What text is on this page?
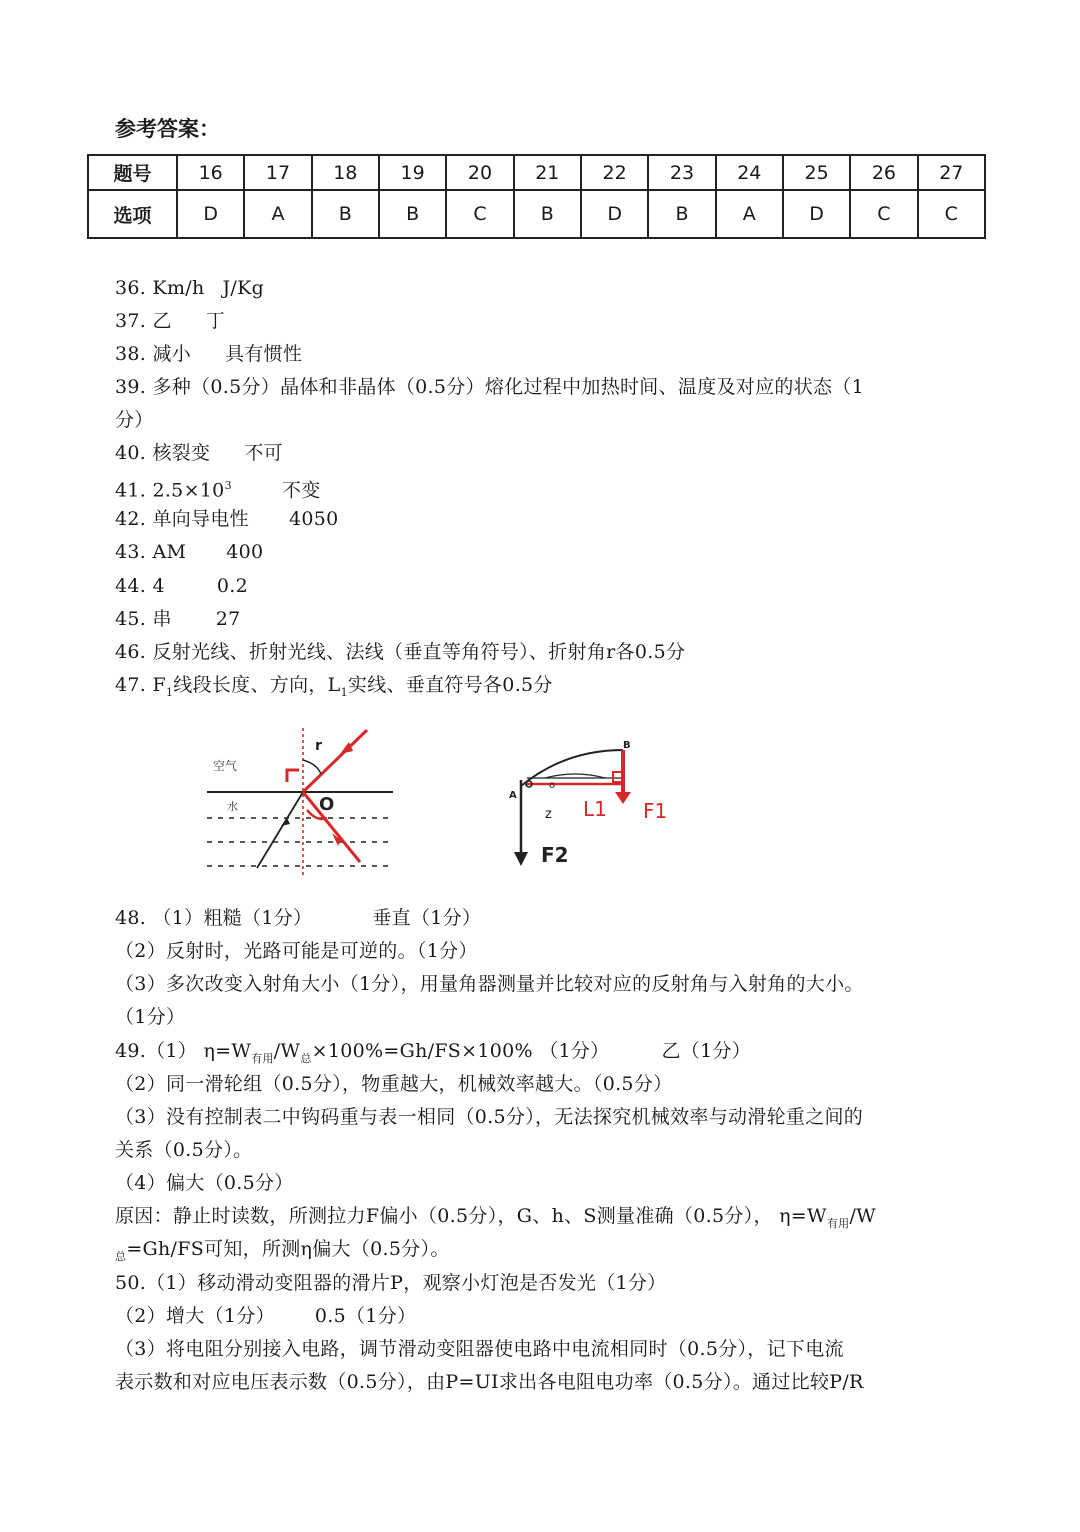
参考答案：
题号	16	17	18	19	20	21	22	23	24	25	26	27
选项	D	A	B	B	C	B	D	B	A	D	C	C
36. Km/h J/Kg
37. 乙 丁
38. 减小 具有惯性
39. 多种（0.5分）晶体和非晶体（0.5分）熔化过程中加热时间、温度及对应的状态（1
分）
40. 核裂变 不可
41. $2.5\times 10^3$	不变
42. 单向导电性 4050
43. AM 400
44. 4	0.2
45. 串 27
46. 反射光线、折射光线、法线（垂直等角符号）、折射角r各0.5分
47. $F_1$线段长度、方向，$L_1$实线、垂直符号各0.5分
48. （1）粗糙（1分）	垂直（1分）
（2）反射时，光路可能是可逆的。（1分）
（3）多次改变入射角大小（1分），用量角器测量并比较对应的反射角与入射角的大小。
（1分）
49.（1） $\eta=W_{有用}/W_总\times 100\%=Gh/FS\times 100\%$ （1分）	乙（1分）
（2）同一滑轮组（0.5分），物重越大，机械效率越大。（0.5分）
（3）没有控制表二中钩码重与表一相同（0.5分），无法探究机械效率与动滑轮重之间的
关系（0.5分）。
（4）偏大（0.5分）
原因：静止时读数，所测拉力F偏小（0.5分），G、h、S测量准确（0.5分）， $\eta=W_{有用}/W$
$_总$=Gh/FS可知，所测η偏大（0.5分）。
50.（1）移动滑动变阻器的滑片P，观察小灯泡是否发光（1分）
（2）增大（1分） 0.5（1分）
（3）将电阻分别接入电路，调节滑动变阻器使电路中电流相同时（0.5分），记下电流
表示数和对应电压表示数（0.5分），由P=UI求出各电阻电功率（0.5分）。通过比较P/R
空气
水
r
O	A
B
o
z L1 F1
F2
